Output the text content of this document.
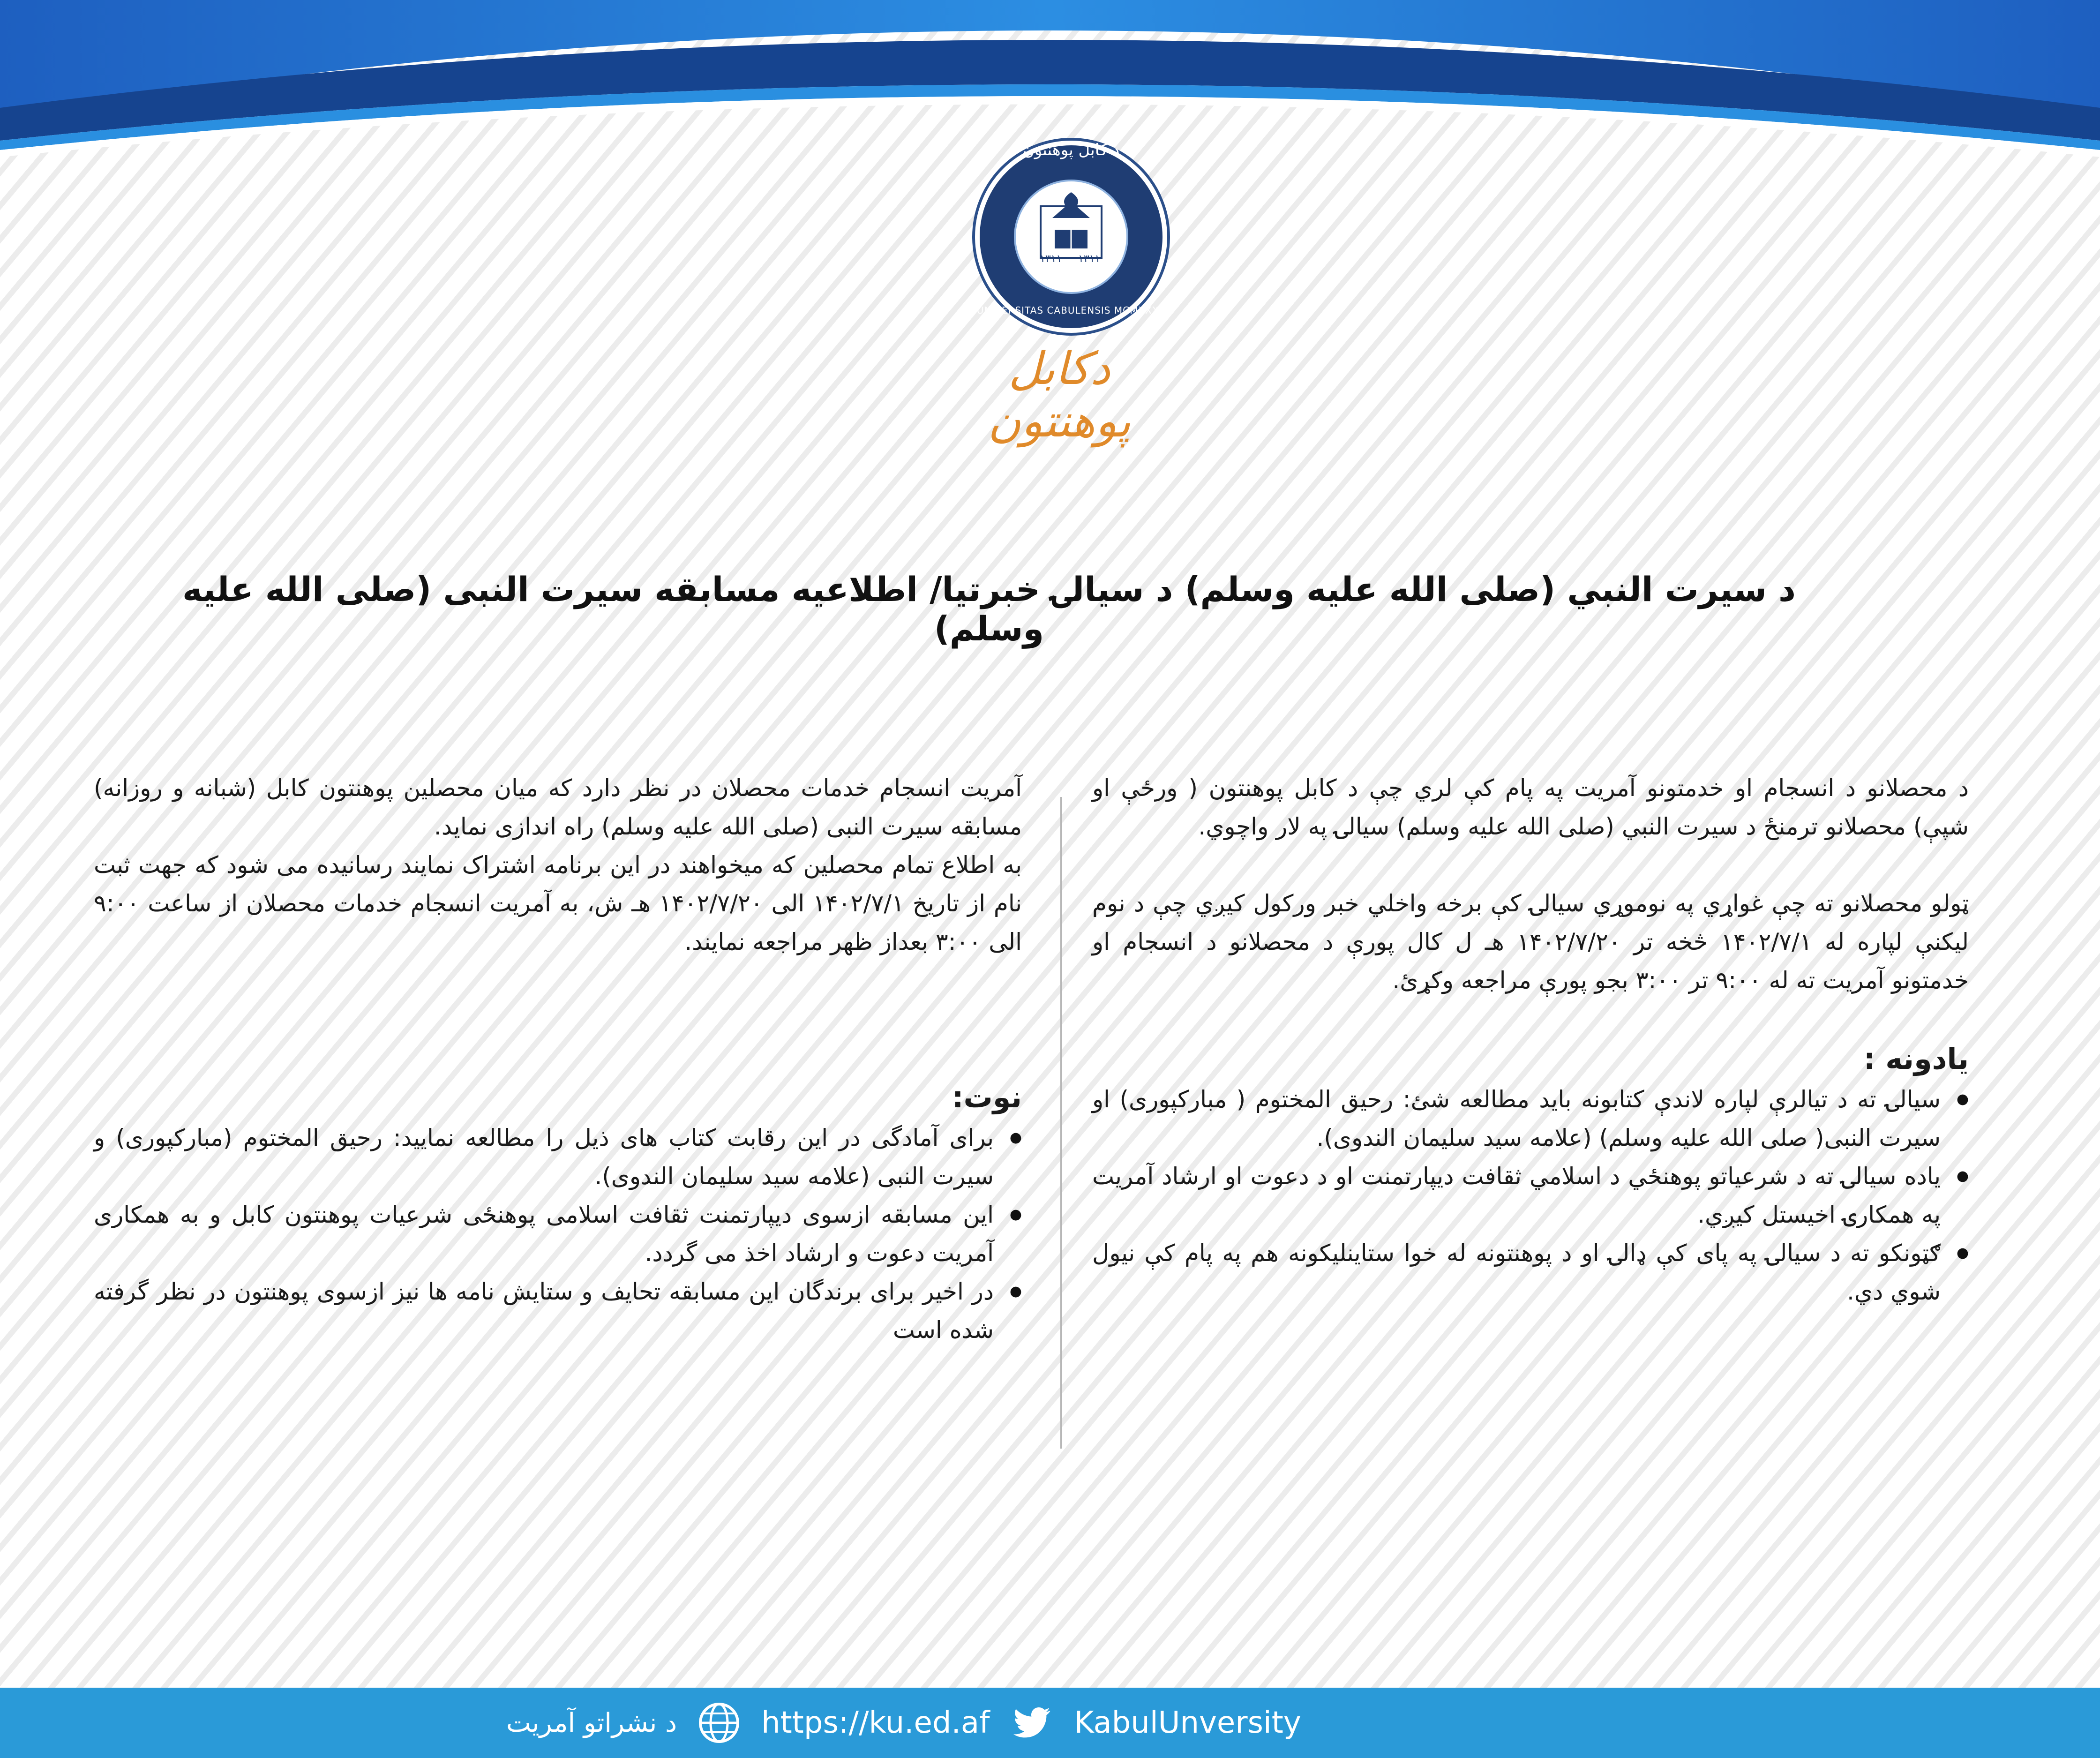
د کابل پوهنتون
UNIVERSITAS CABULENSIS MCMXXXII
۱۳۱۱ ۱۳۱۱
دکابل پوهنتون
د سیرت النبي (صلی الله علیه وسلم) د سیالۍ خبرتیا/ اطلاعیه مسابقه سیرت النبی (صلی الله علیه وسلم)

د محصلانو د انسجام او خدمتونو آمریت په پام کې لري چې د کابل پوهنتون ( ورځې او شپې) محصلانو ترمنځ د سیرت النبي (صلی الله علیه وسلم) سیالۍ په لار واچوي.

ټولو محصلانو ته چې غواړي په نوموړي سیالۍ کې برخه واخلي خبر ورکول کیږي چې د نوم لیکنې لپاره له ۱۴۰۲/۷/۱ څخه تر ۱۴۰۲/۷/۲۰ هـ ل کال پورې د محصلانو د انسجام او خدمتونو آمریت ته له ۹:۰۰ تر ۳:۰۰ بجو پورې مراجعه وکړئ.

یادونه :

● سیالۍ ته د تیالرې لپاره لاندې کتابونه باید مطالعه شئ: رحیق المختوم ( مبارکپوری) او سیرت النبی( صلی الله علیه وسلم) (علامه سید سلیمان الندوی).
● یاده سیالۍ ته د شرعیاتو پوهنځي د اسلامي ثقافت دیپارتمنت او د دعوت او ارشاد آمریت په همکارۍ اخیستل کیږي.
● ګټونکو ته د سیالۍ په پای کې ډالۍ او د پوهنتونه له خوا ستاینلیکونه هم په پام کې نیول شوي دي.

آمریت انسجام خدمات محصلان در نظر دارد که میان محصلین پوهنتون کابل (شبانه و روزانه) مسابقه سیرت النبی (صلی الله علیه وسلم) راه اندازی نماید.

به اطلاع تمام محصلین که میخواهند در این برنامه اشتراک نمایند رسانیده می شود که جهت ثبت نام از تاریخ ۱۴۰۲/۷/۱ الی ۱۴۰۲/۷/۲۰ هـ ش، به آمریت انسجام خدمات محصلان از ساعت ۹:۰۰ الی ۳:۰۰ بعداز ظهر مراجعه نمایند.

نوت:

● برای آمادگی در این رقابت کتاب های ذیل را مطالعه نمایید: رحیق المختوم (مبارکپوری) و سیرت النبی (علامه سید سلیمان الندوی).
● این مسابقه ازسوی دیپارتمنت ثقافت اسلامی پوهنځی شرعیات پوهنتون کابل و به همکاری آمریت دعوت و ارشاد اخذ می گردد.
● در اخیر برای برندگان این مسابقه تحایف و ستایش نامه ها نیز ازسوی پوهنتون در نظر گرفته شده است
د نشراتو آمریت	https://ku.ed.af	KabulUnversity
